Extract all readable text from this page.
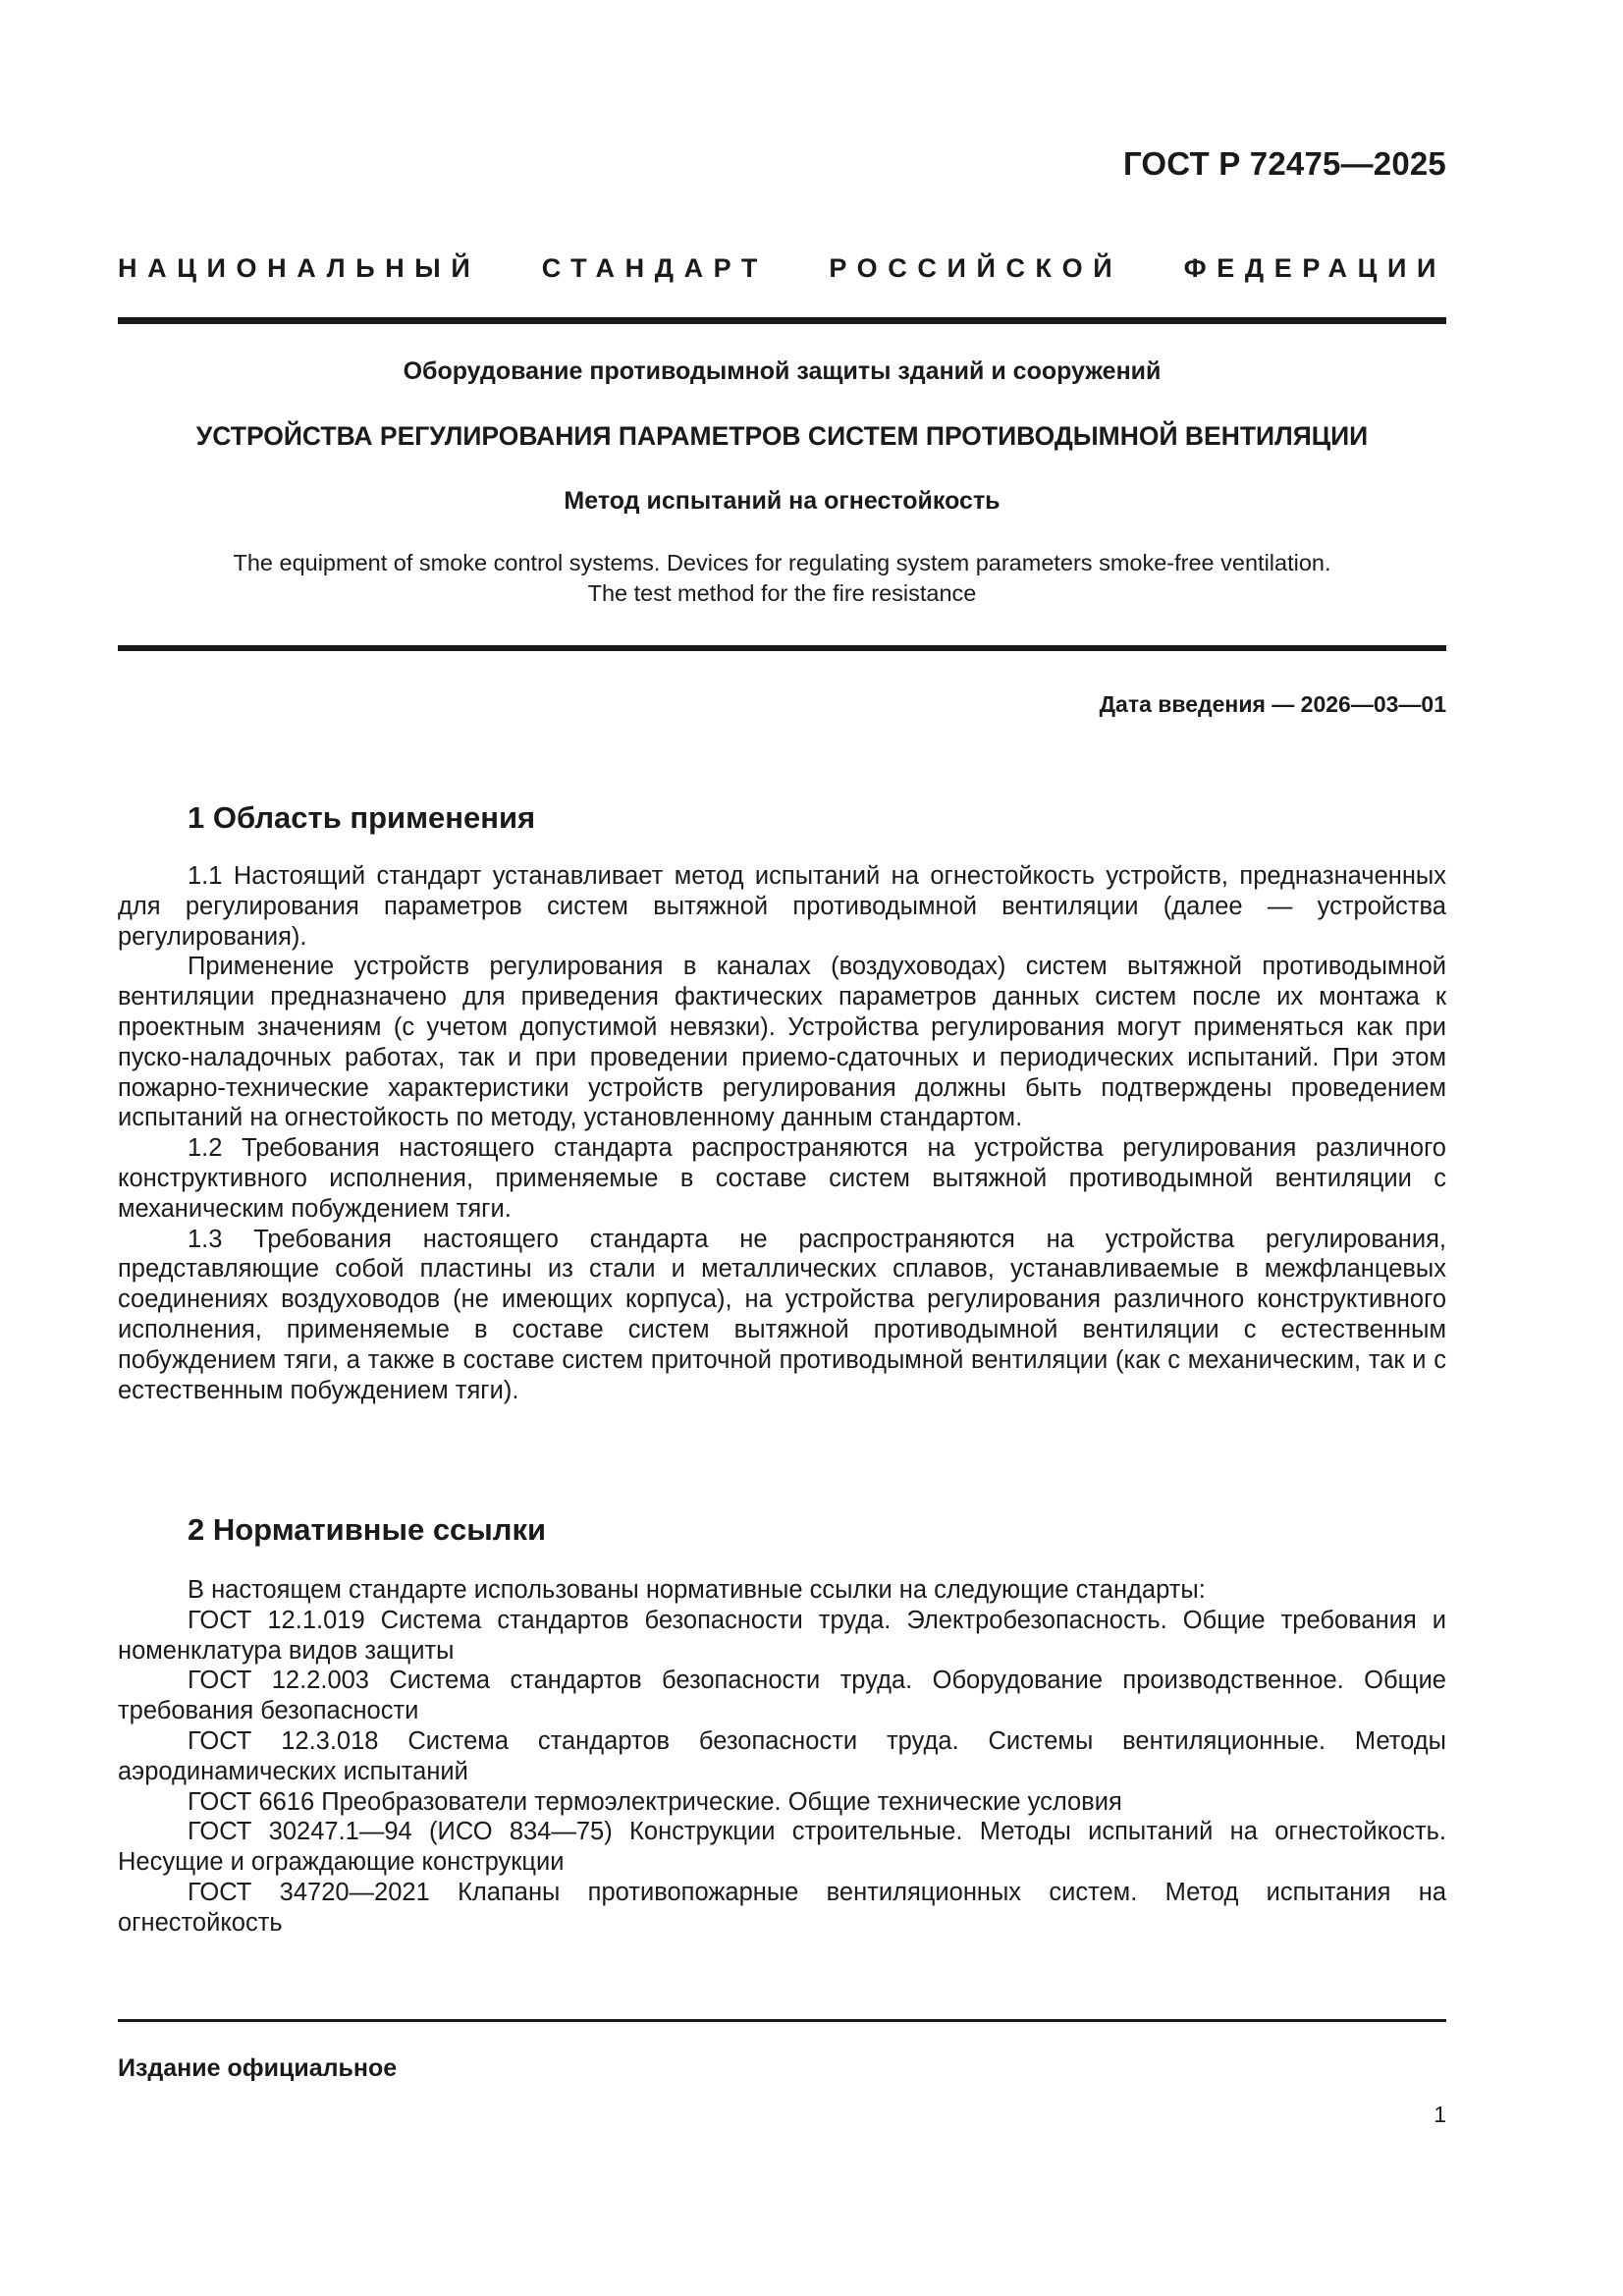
ГОСТ Р 72475—2025
НАЦИОНАЛЬНЫЙ СТАНДАРТ РОССИЙСКОЙ ФЕДЕРАЦИИ
Оборудование противодымной защиты зданий и сооружений
УСТРОЙСТВА РЕГУЛИРОВАНИЯ ПАРАМЕТРОВ СИСТЕМ ПРОТИВОДЫМНОЙ ВЕНТИЛЯЦИИ
Метод испытаний на огнестойкость
The equipment of smoke control systems. Devices for regulating system parameters smoke-free ventilation.
The test method for the fire resistance
Дата введения — 2026—03—01
1 Область применения

1.1 Настоящий стандарт устанавливает метод испытаний на огнестойкость устройств, предназначенных для регулирования параметров систем вытяжной противодымной вентиляции (далее — устройства регулирования).

Применение устройств регулирования в каналах (воздуховодах) систем вытяжной противодымной вентиляции предназначено для приведения фактических параметров данных систем после их монтажа к проектным значениям (с учетом допустимой невязки). Устройства регулирования могут применяться как при пуско-наладочных работах, так и при проведении приемо-сдаточных и периодических испытаний. При этом пожарно-технические характеристики устройств регулирования должны быть подтверждены проведением испытаний на огнестойкость по методу, установленному данным стандартом.

1.2 Требования настоящего стандарта распространяются на устройства регулирования различного конструктивного исполнения, применяемые в составе систем вытяжной противодымной вентиляции с механическим побуждением тяги.

1.3 Требования настоящего стандарта не распространяются на устройства регулирования, представляющие собой пластины из стали и металлических сплавов, устанавливаемые в межфланцевых соединениях воздуховодов (не имеющих корпуса), на устройства регулирования различного конструктивного исполнения, применяемые в составе систем вытяжной противодымной вентиляции с естественным побуждением тяги, а также в составе систем приточной противодымной вентиляции (как с механическим, так и с естественным побуждением тяги).

2 Нормативные ссылки

В настоящем стандарте использованы нормативные ссылки на следующие стандарты:

ГОСТ 12.1.019 Система стандартов безопасности труда. Электробезопасность. Общие требования и номенклатура видов защиты

ГОСТ 12.2.003 Система стандартов безопасности труда. Оборудование производственное. Общие требования безопасности

ГОСТ 12.3.018 Система стандартов безопасности труда. Системы вентиляционные. Методы аэродинамических испытаний

ГОСТ 6616 Преобразователи термоэлектрические. Общие технические условия

ГОСТ 30247.1—94 (ИСО 834—75) Конструкции строительные. Методы испытаний на огнестойкость. Несущие и ограждающие конструкции

ГОСТ 34720—2021 Клапаны противопожарные вентиляционных систем. Метод испытания на огнестойкость

Издание официальное
1
